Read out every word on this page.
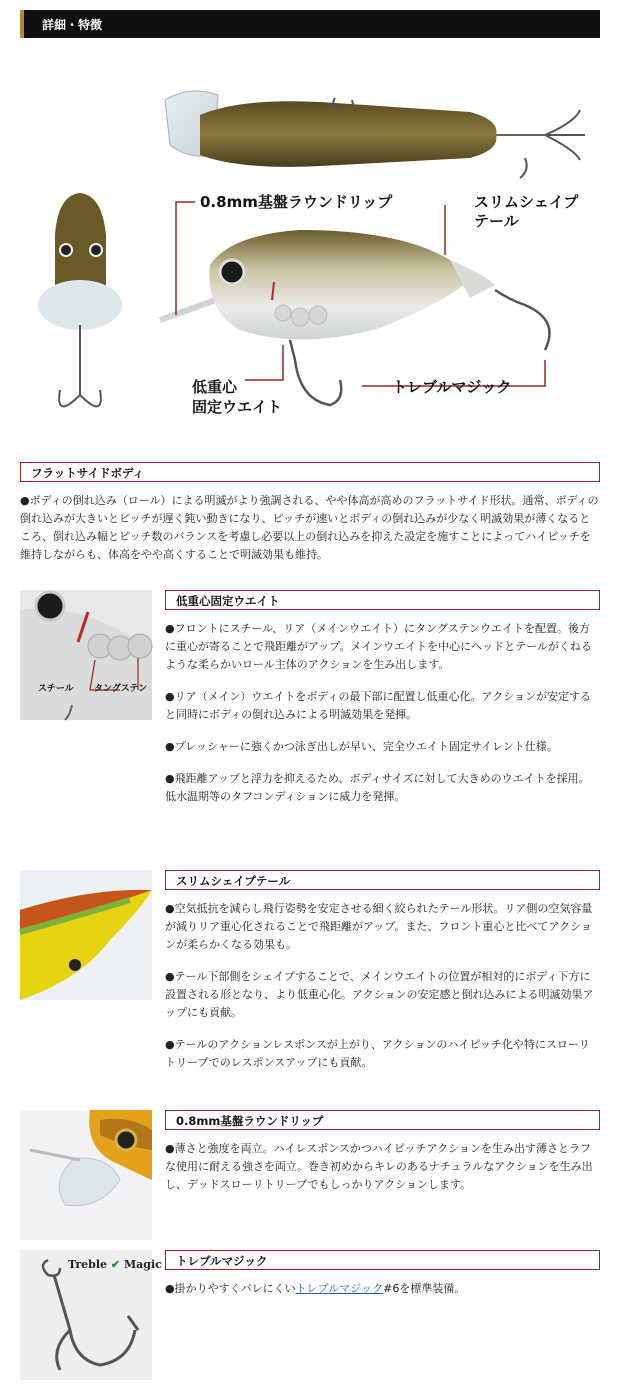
詳細・特徴
0.8mm基盤ラウンドリップ	スリムシェイプ
テール
低重心
固定ウエイト
トレブルマジック
フラットサイドボディ

●ボディの倒れ込み（ロール）による明滅がより強調される、やや体高が高めのフラットサイド形状。通常、ボディの倒れ込みが大きいとピッチが遅く鈍い動きになり、ピッチが速いとボディの倒れ込みが少なく明滅効果が薄くなるところ、倒れ込み幅とピッチ数のバランスを考慮し必要以上の倒れ込みを抑えた設定を施すことによってハイピッチを維持しながらも、体高をやや高くすることで明滅効果も維持。

スチール タングステン
低重心固定ウエイト

●フロントにスチール、リア（メインウエイト）にタングステンウエイトを配置。後方に重心が寄ることで飛距離がアップ。メインウエイトを中心にヘッドとテールがくねるような柔らかいロール主体のアクションを生み出します。

●リア（メイン）ウエイトをボディの最下部に配置し低重心化。アクションが安定すると同時にボディの倒れ込みによる明滅効果を発揮。

●プレッシャーに強くかつ泳ぎ出しが早い、完全ウエイト固定サイレント仕様。

●飛距離アップと浮力を抑えるため、ボディサイズに対して大きめのウエイトを採用。低水温期等のタフコンディションに威力を発揮。

スリムシェイプテール

●空気抵抗を減らし飛行姿勢を安定させる細く絞られたテール形状。リア側の空気容量が減りリア重心化されることで飛距離がアップ。また、フロント重心と比べてアクションが柔らかくなる効果も。

●テール下部側をシェイプすることで、メインウエイトの位置が相対的にボディ下方に設置される形となり、より低重心化。アクションの安定感と倒れ込みによる明滅効果アップにも貢献。

●テールのアクションレスポンスが上がり、アクションのハイピッチ化や特にスローリトリーブでのレスポンスアップにも貢献。

0.8mm基盤ラウンドリップ

●薄さと強度を両立。ハイレスポンスかつハイピッチアクションを生み出す薄さとラフな使用に耐える強さを両立。巻き初めからキレのあるナチュラルなアクションを生み出し、デッドスローリトリーブでもしっかりアクションします。

Treble ✔ Magic トレブルマジック

●掛かりやすくバレにくいトレブルマジック#6を標準装備。
